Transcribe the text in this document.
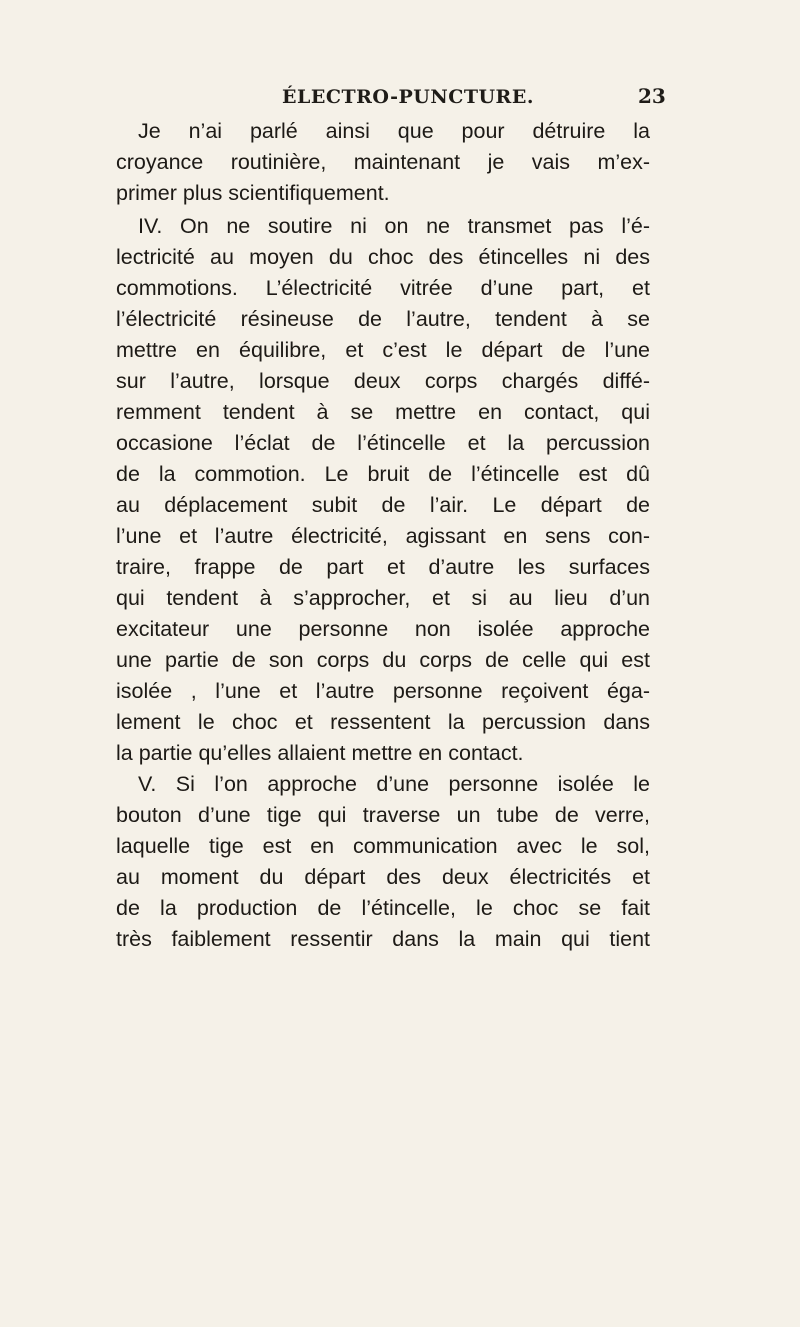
ÉLECTRO-PUNCTURE.	23
Je n’ai parlé ainsi que pour détruire la
croyance routinière, maintenant je vais m’ex-
primer plus scientifiquement.
IV. On ne soutire ni on ne transmet pas l’é-
lectricité au moyen du choc des étincelles ni des
commotions. L’électricité vitrée d’une part, et
l’électricité résineuse de l’autre, tendent à se
mettre en équilibre, et c’est le départ de l’une
sur l’autre, lorsque deux corps chargés diffé-
remment tendent à se mettre en contact, qui
occasione l’éclat de l’étincelle et la percussion
de la commotion. Le bruit de l’étincelle est dû
au déplacement subit de l’air. Le départ de
l’une et l’autre électricité, agissant en sens con-
traire, frappe de part et d’autre les surfaces
qui tendent à s’approcher, et si au lieu d’un
excitateur une personne non isolée approche
une partie de son corps du corps de celle qui est
isolée , l’une et l’autre personne reçoivent éga-
lement le choc et ressentent la percussion dans
la partie qu’elles allaient mettre en contact.
V. Si l’on approche d’une personne isolée le
bouton d’une tige qui traverse un tube de verre,
laquelle tige est en communication avec le sol,
au moment du départ des deux électricités et
de la production de l’étincelle, le choc se fait
très faiblement ressentir dans la main qui tient
